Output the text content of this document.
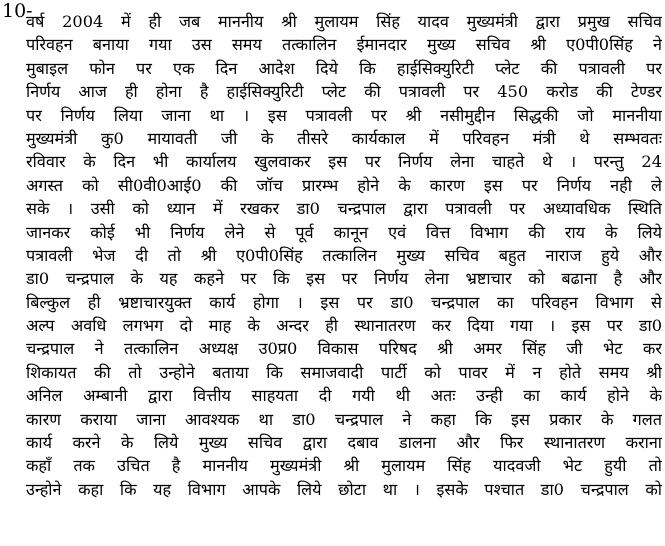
10-
वर्ष 2004 में ही जब माननीय श्री मुलायम सिंह यादव मुख्यमंत्री द्वारा प्रमुख सचिव
परिवहन बनाया गया उस समय तत्कालिन ईमानदार मुख्य सचिव श्री ए0पी0सिंह ने
मुबाइल फोन पर एक दिन आदेश दिये कि हाईसिक्युरिटी प्लेट की पत्रावली पर
निर्णय आज ही होना है हाईसिक्युरिटी प्लेट की पत्रावली पर 450 करोड की टेण्डर
पर निर्णय लिया जाना था । इस पत्रावली पर श्री नसीमुद्दीन सिद्धकी जो माननीया
मुख्यमंत्री कु0 मायावती जी के तीसरे कार्यकाल में परिवहन मंत्री थे सम्भवतः
रविवार के दिन भी कार्यालय खुलवाकर इस पर निर्णय लेना चाहते थे । परन्तु 24
अगस्त को सी0वी0आई0 की जॉच प्रारम्भ होने के कारण इस पर निर्णय नही ले
सके । उसी को ध्यान में रखकर डा0 चन्द्रपाल द्वारा पत्रावली पर अध्यावधिक स्थिति
जानकर कोई भी निर्णय लेने से पूर्व कानून एवं वित्त विभाग की राय के लिये
पत्रावली भेज दी तो श्री ए0पी0सिंह तत्कालिन मुख्य सचिव बहुत नाराज हुये और
डा0 चन्द्रपाल के यह कहने पर कि इस पर निर्णय लेना भ्रष्टाचार को बढाना है और
बिल्कुल ही भ्रष्टाचारयुक्त कार्य होगा । इस पर डा0 चन्द्रपाल का परिवहन विभाग से
अल्प अवधि लगभग दो माह के अन्दर ही स्थानातरण कर दिया गया । इस पर डा0
चन्द्रपाल ने तत्कालिन अध्यक्ष उ0प्र0 विकास परिषद श्री अमर सिंह जी भेट कर
शिकायत की तो उन्होने बताया कि समाजवादी पार्टी को पावर में न होते समय श्री
अनिल अम्बानी द्वारा वित्तीय साहयता दी गयी थी अतः उन्ही का कार्य होने के
कारण कराया जाना आवश्यक था डा0 चन्द्रपाल ने कहा कि इस प्रकार के गलत
कार्य करने के लिये मुख्य सचिव द्वारा दबाव डालना और फिर स्थानातरण कराना
कहाँ तक उचित है माननीय मुख्यमंत्री श्री मुलायम सिंह यादवजी भेट हुयी तो
उन्होने कहा कि यह विभाग आपके लिये छोटा था । इसके पश्चात डा0 चन्द्रपाल को
